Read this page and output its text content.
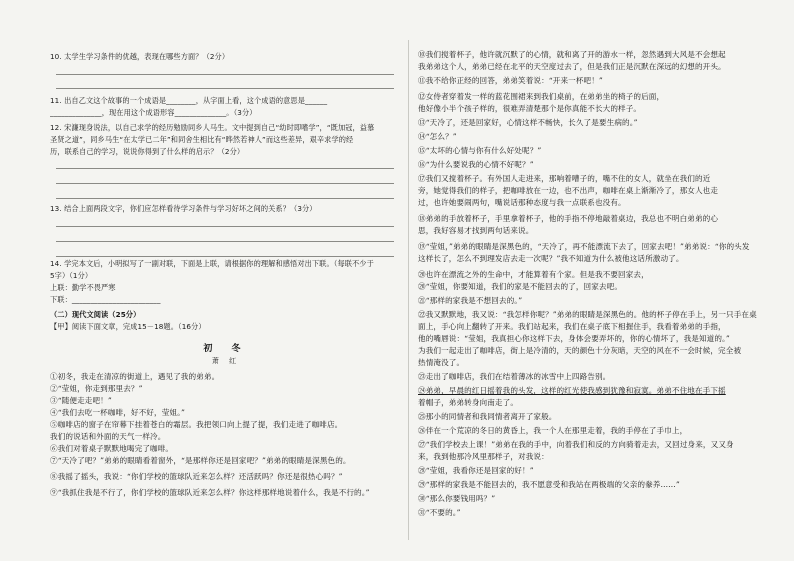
10. 太学生学习条件的优越，表现在哪些方面？（2分）
11. 出自乙文这个故事的一个成语是________，从字面上看，这个成语的意思是______
______________，现在用这个成语形容______________。（3分）
12. 宋濂现身说法，以自己求学的经历勉励同乡人马生。文中提到自己“幼时即嗜学”，“既加冠，益慕
圣贤之道”，同乡马生“在太学已二年”和同舍生相比有“晔然若神人”而这些差异，艰辛求学的经
历，联系自己的学习，说说你得到了什么样的启示？（2分）
13. 结合上面两段文字，你们应怎样看待学习条件与学习好坏之间的关系？（3分）
14. 学完本文后，小明拟写了一副对联，下面是上联，请根据你的理解和感悟对出下联。（每联不少于
5字）（1分）
上联：勤学不畏严寒
下联：________________________
（二）现代文阅读（25分）
【甲】阅读下面文章，完成15－18题。（16分）
初 冬
萧 红
①初冬，我走在清凉的街道上，遇见了我的弟弟。
②“莹姐，你走到那里去？”
③“随便走走吧！”
④“我们去吃一杯咖啡，好不好，莹姐。”
⑤咖啡店的窗子在帘幕下挂着苍白的霜层。我把领口向上提了提，我们走进了咖啡店。
我们的说话和外面的天气一样冷。
⑥我们对着桌子默默地喝完了咖啡。
⑦“天冷了吧？”弟弟的眼睛看着窗外，“是那样你还是回家吧？”弟弟的眼睛是深黑色的。
⑧我摇了摇头，我说：“你们学校的篮球队近来怎么样？还活跃吗？你还是很热心吗？”
⑨“我抓住我是不行了，你们学校的篮球队近来怎么样？你这样那样地说着什么，我是不行的。”
⑩我们搅着杯子，他许就沉默了的心情，就和离了开的游水一样，忽然遇到大风是不会想起
我弟弟这个人，弟弟已经在北平的天空度过去了，但是我们正是沉默在深远的幻想的开头。
⑪我不给你正经的回答，弟弟笑着说：“开来一杯吧！”
⑫女侍者穿着发一样的蓝花围裙来到我们桌前，在弟弟坐的椅子的后面，
他好像小半个孩子样的，很难弄清楚那个是你真能不长大的样子。
⑬“天冷了，还是回家好，心情这样不畅快，长久了是要生病的。”
⑭“怎么？”
⑮“太坏的心情与你有什么好处呢？”
⑯“为什么要说我的心情不好呢？”
⑰我们又搅着杯子。有外国人走进来，那响着嘈子的，嘴不住的女人，就坐在我们的近
旁，她觉得我们的样子，把咖啡放在一边，也不出声，咖啡在桌上渐渐冷了，那女人也走
过，也许她要闹两句，嘴说话那种态度与我一点联系也没有。
⑱弟弟的手放着杯子，手里拿着杯子，他的手指不停地敲着桌边，我总也不明白弟弟的心
思，我好容易才找到两句话来说。
⑲“莹姐，”弟弟的眼睛是深黑色的，“天冷了，再不能漂流下去了，回家去吧！”弟弟说：“你的头发
这样长了，怎么不到理发店去走一次呢？”我不知道为什么被他这话所激动了。
⑳也许在漂流之外的生命中，才能算着有个家。但是我不要回家去，
⑳“莹姐，你要知道，我们的家是不能回去的了，回家去吧。
㉑“那样的家我是不想回去的。”
㉒我又默默地，我又说：“我怎样你呢？”弟弟的眼睛是深黑色的。他的杯子停在手上，另一只手在桌
面上，手心向上翻转了开来。我们站起来，我们在桌子底下相握住手，我看着弟弟的手指，
他的嘴唇说：“莹姐，我真担心你这样下去，身体会要弄坏的，你的心情坏了，我是知道的。”
为我们一起走出了咖啡店，街上是冷清的，天的颜色十分灰暗，天空的风在不一会时候，完全被
热情淹没了。
㉓走出了咖啡店，我们在结着薄冰的冰雪中上四路告别。
㉔弟弟，早晨的红日摇着我的头发，这样的红光使我感到犹豫和寂寞。弟弟不住地在手下摇
着帽子，弟弟转身向南走了。
㉕那小的同情者和我同情者离开了家般。
㉖伴在一个荒凉的冬日的黄昏上，我一个人在那里走着，我的手停在了手巾上，
㉗“我们学校去上课！”弟弟在我的手中，向着我们和反的方向骑着走去，又回过身来，又又身
来，我到他那冷风里那样子，对我说：
㉘“莹姐，我看你还是回家的好！”
㉙“那样的家我是不能回去的，我不愿意受和我站在两极端的父亲的豢养……”
㉚“那么你要钱用吗？”
㉛“不要的。”
